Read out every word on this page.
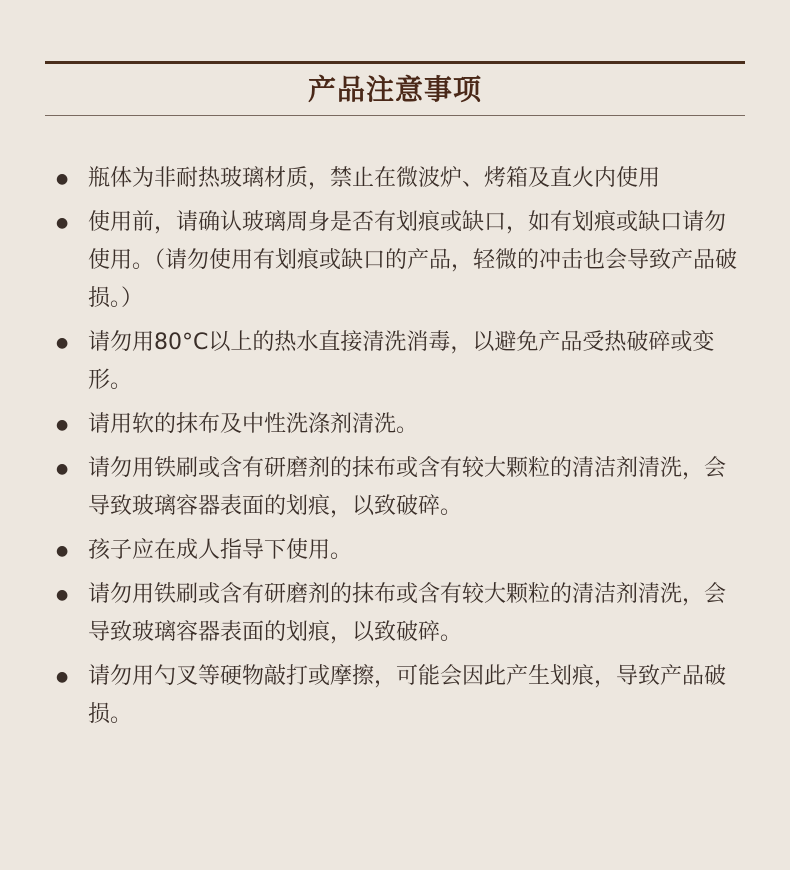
产品注意事项
● 瓶体为非耐热玻璃材质，禁止在微波炉、烤箱及直火内使用
● 使用前，请确认玻璃周身是否有划痕或缺口，如有划痕或缺口请勿使用。（请勿使用有划痕或缺口的产品，轻微的冲击也会导致产品破损。）
● 请勿用80°C以上的热水直接清洗消毒，以避免产品受热破碎或变形。
● 请用软的抹布及中性洗涤剂清洗。
● 请勿用铁刷或含有研磨剂的抹布或含有较大颗粒的清洁剂清洗，会导致玻璃容器表面的划痕，以致破碎。
● 孩子应在成人指导下使用。
● 请勿用铁刷或含有研磨剂的抹布或含有较大颗粒的清洁剂清洗，会导致玻璃容器表面的划痕，以致破碎。
● 请勿用勺叉等硬物敲打或摩擦，可能会因此产生划痕，导致产品破损。
